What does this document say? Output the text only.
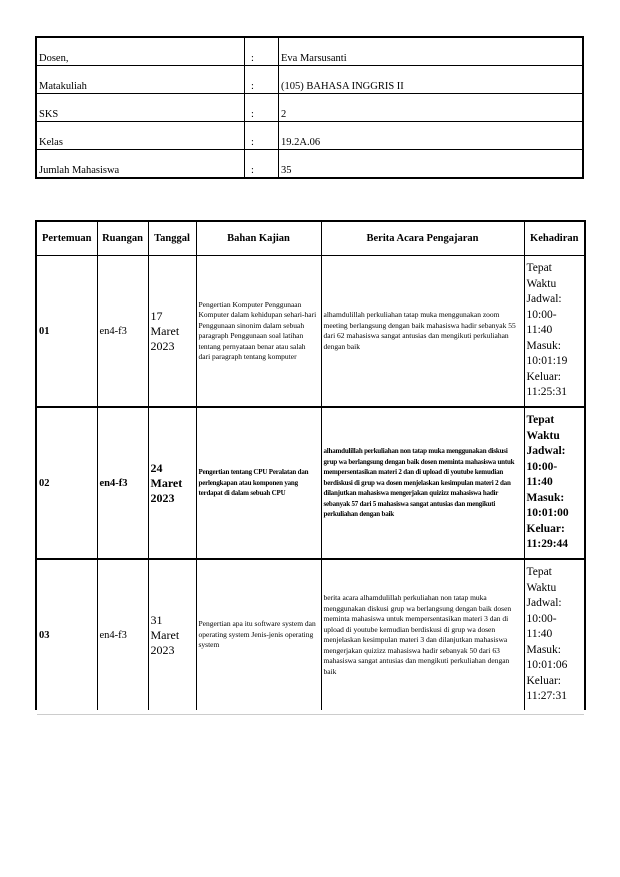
Dosen,	:	Eva Marsusanti
Matakuliah	:	(105) BAHASA INGGRIS II
SKS	:	2
Kelas	:	19.2A.06
Jumlah Mahasiswa	:	35
Pertemuan	Ruangan	Tanggal	Bahan Kajian	Berita Acara Pengajaran	Kehadiran
01	en4-f3	17 Maret 2023	Pengertian Komputer Penggunaan Komputer dalam kehidupan sehari-hari Penggunaan sinonim dalam sebuah paragraph Penggunaan soal latihan tentang pernyataan benar atau salah dari paragraph tentang komputer	alhamdulillah perkuliahan tatap muka menggunakan zoom meeting berlangsung dengan baik mahasiswa hadir sebanyak 55 dari 62 mahasiswa sangat antusias dan mengikuti perkuliahan dengan baik	Tepat Waktu Jadwal: 10:00-11:40 Masuk: 10:01:19 Keluar: 11:25:31
02	en4-f3	24 Maret 2023	Pengertian tentang CPU Peralatan dan perlengkapan atau komponen yang terdapat di dalam sebuah CPU	alhamdulillah perkuliahan non tatap muka menggunakan diskusi grup wa berlangsung dengan baik dosen meminta mahasiswa untuk mempersentasikan materi 2 dan di upload di youtube kemudian berdiskusi di grup wa dosen menjelaskan kesimpulan materi 2 dan dilanjutkan mahasiswa mengerjakan quizizz mahasiswa hadir sebanyak 57 dari 5 mahasiswa sangat antusias dan mengikuti perkuliahan dengan baik	Tepat Waktu Jadwal: 10:00-11:40 Masuk: 10:01:00 Keluar: 11:29:44
03	en4-f3	31 Maret 2023	Pengertian apa itu software system dan operating system Jenis-jenis operating system	berita acara alhamdulillah perkuliahan non tatap muka menggunakan diskusi grup wa berlangsung dengan baik dosen meminta mahasiswa untuk mempersentasikan materi 3 dan di upload di youtube kemudian berdiskusi di grup wa dosen menjelaskan kesimpulan materi 3 dan dilanjutkan mahasiswa mengerjakan quizizz mahasiswa hadir sebanyak 50 dari 63 mahasiswa sangat antusias dan mengikuti perkuliahan dengan baik	Tepat Waktu Jadwal: 10:00-11:40 Masuk: 10:01:06 Keluar: 11:27:31
